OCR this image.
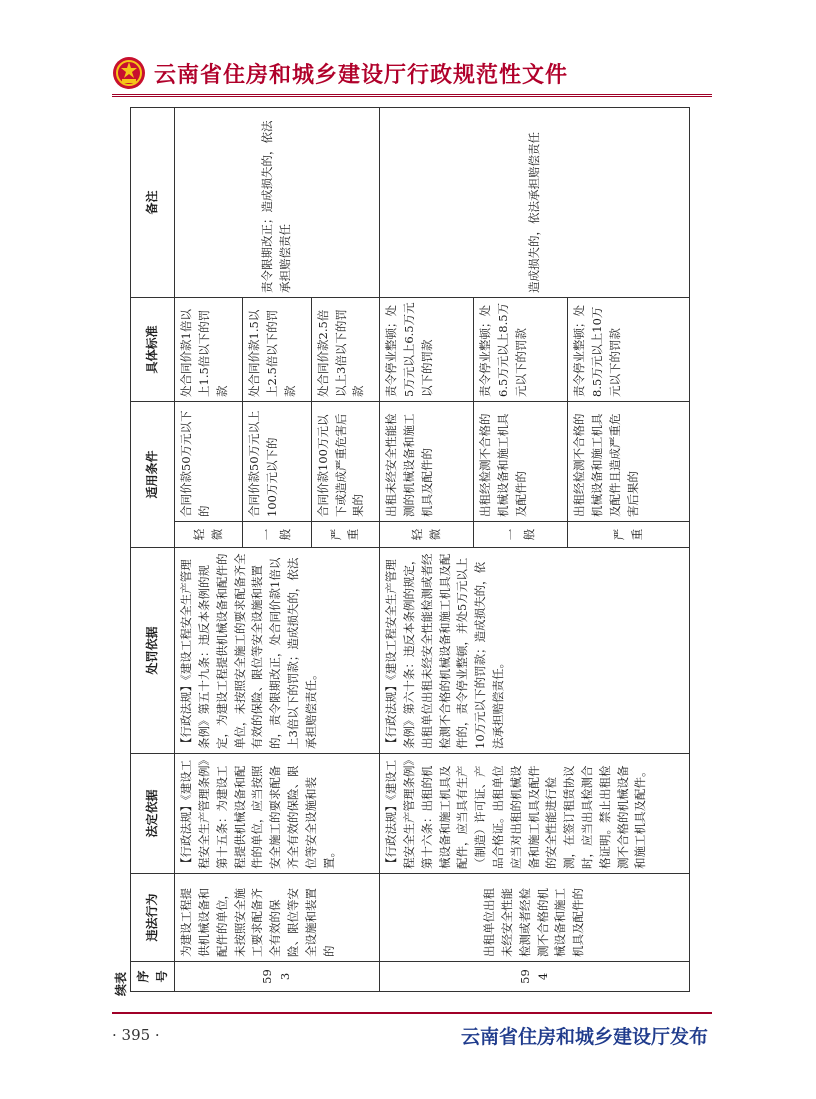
云南省住房和城乡建设厅行政规范性文件
续表 序号	违法行为	法定依据	处罚依据	适用条件		具体标准	备注
593	为建设工程提供机械设备和配件的单位，未按照安全施工要求配备齐全有效的保险、限位等安全设施和装置的	【行政法规】《建设工程安全生产管理条例》第十五条：为建设工程提供机械设备和配件的单位，应当按照安全施工的要求配备齐全有效的保险、限位等安全设施和装置。	【行政法规】《建设工程安全生产管理条例》第五十九条：违反本条例的规定，为建设工程提供机械设备和配件的单位，未按照安全施工的要求配备齐全有效的保险、限位等安全设施和装置的，责令限期改正，处合同价款1倍以上3倍以下的罚款；造成损失的，依法承担赔偿责任。	轻微	合同价款50万元以下的	处合同价款1倍以上1.5倍以下的罚款	责令限期改正；造成损失的，依法承担赔偿责任
				一般	合同价款50万元以上100万元以下的	处合同价款1.5以上2.5倍以下的罚款	
				严重	合同价款100万元以下或造成严重危害后果的	处合同价款2.5倍以上3倍以下的罚款	
594	出租单位出租未经安全性能检测或者经检测不合格的机械设备和施工机具及配件的	【行政法规】《建设工程安全生产管理条例》第十六条：出租的机械设备和施工机具及配件，应当具有生产（制造）许可证、产品合格证。出租单位应当对出租的机械设备和施工机具及配件的安全性能进行检测，在签订租赁协议时，应当出具检测合格证明。禁止出租检测不合格的机械设备和施工机具及配件。	【行政法规】《建设工程安全生产管理条例》第六十条：违反本条例的规定，出租单位出租未经安全性能检测或者经检测不合格的机械设备和施工机具及配件的，责令停业整顿，并处5万元以上10万元以下的罚款；造成损失的，依法承担赔偿责任。	轻微	出租未经安全性能检测的机械设备和施工机具及配件的	责令停业整顿；处5万元以上6.5万元以下的罚款	造成损失的，依法承担赔偿责任
				一般	出租经检测不合格的机械设备和施工机具及配件的	责令停业整顿；处6.5万元以上8.5万元以下的罚款	
				严重	出租经检测不合格的机械设备和施工机具及配件且造成严重危害后果的	责令停业整顿；处8.5万元以上10万元以下的罚款	
· 395 ·	云南省住房和城乡建设厅发布
